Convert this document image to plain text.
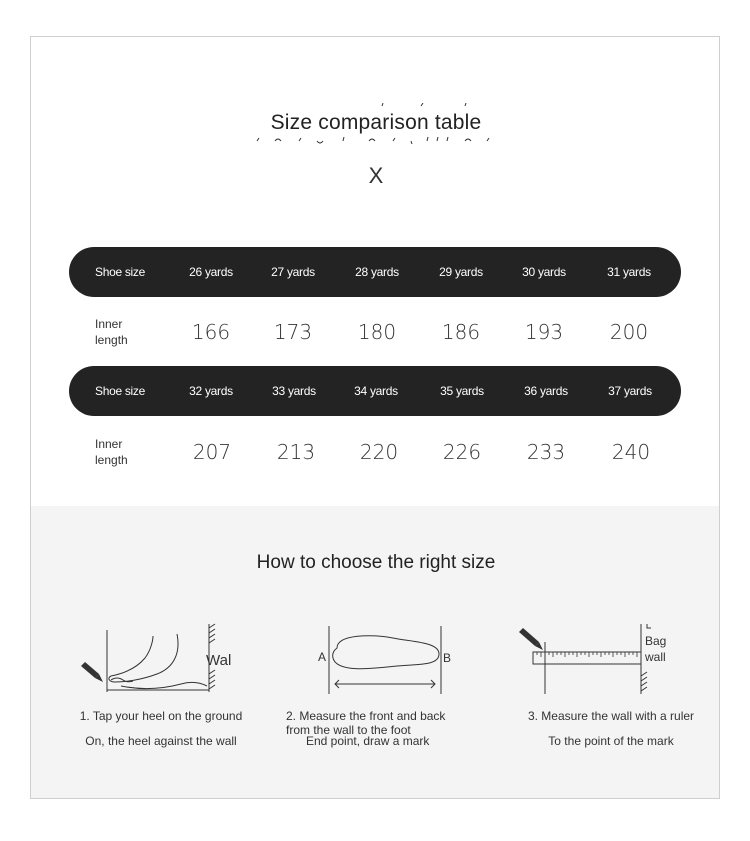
Size comparison table
X
Shoe size	26 yards	27 yards	28 yards	29 yards	30 yards	31 yards
Inner length	166	173	180	186	193	200
Shoe size	32 yards	33 yards	34 yards	35 yards	36 yards	37 yards
Inner length	207	213	220	226	233	240
How to choose the right size
Wal	A	B
Bag
wall
1. Tap your heel on the ground
On, the heel against the wall
2. Measure the front and back from the wall to the foot
End point, draw a mark
3. Measure the wall with a ruler
To the point of the mark
